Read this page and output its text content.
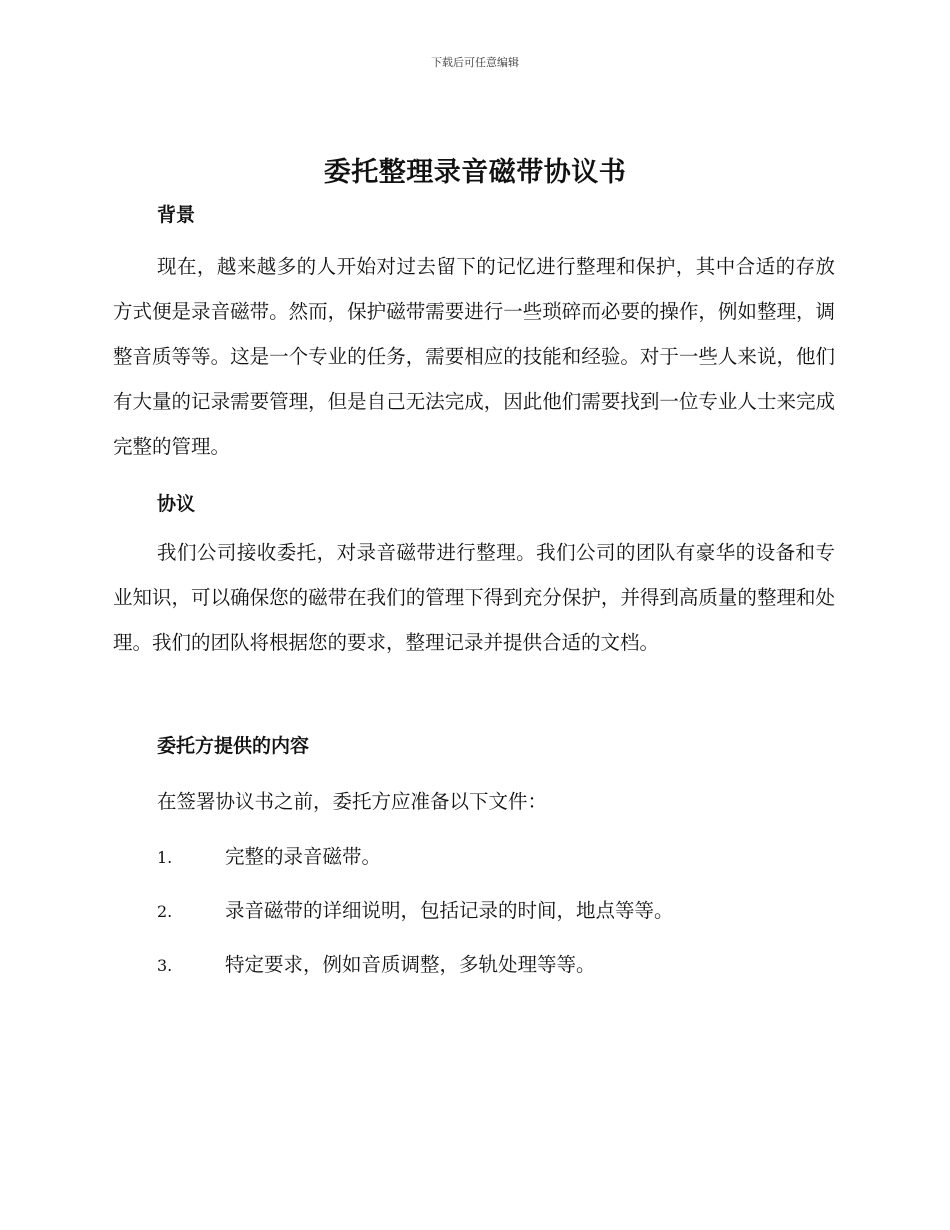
下载后可任意编辑
委托整理录音磁带协议书
背景

现在，越来越多的人开始对过去留下的记忆进行整理和保护，其中合适的存放方式便是录音磁带。然而，保护磁带需要进行一些琐碎而必要的操作，例如整理，调整音质等等。这是一个专业的任务，需要相应的技能和经验。对于一些人来说，他们有大量的记录需要管理，但是自己无法完成，因此他们需要找到一位专业人士来完成完整的管理。

协议

我们公司接收委托，对录音磁带进行整理。我们公司的团队有豪华的设备和专业知识，可以确保您的磁带在我们的管理下得到充分保护，并得到高质量的整理和处理。我们的团队将根据您的要求，整理记录并提供合适的文档。

委托方提供的内容

在签署协议书之前，委托方应准备以下文件：

1.	完整的录音磁带。
2.	录音磁带的详细说明，包括记录的时间，地点等等。
3.	特定要求，例如音质调整，多轨处理等等。
